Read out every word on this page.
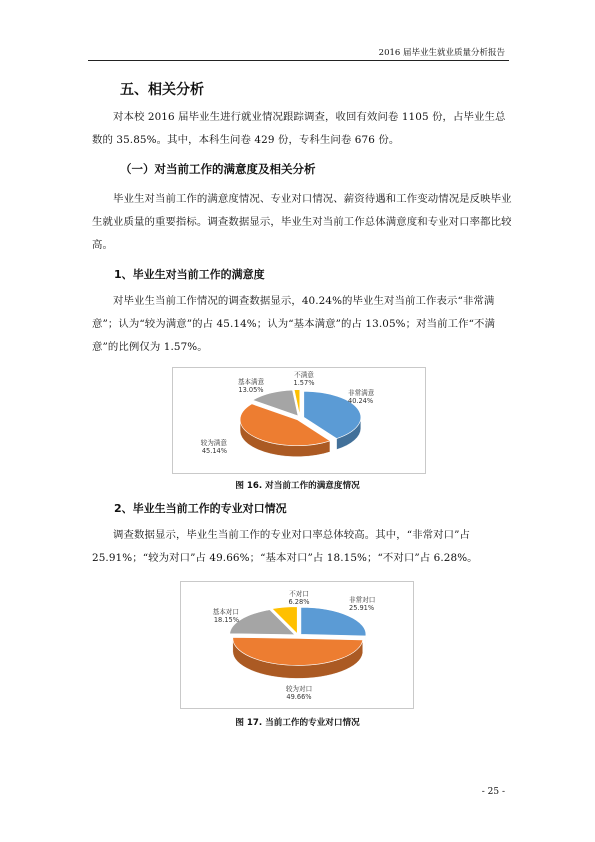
2016 届毕业生就业质量分析报告
五、相关分析
对本校 2016 届毕业生进行就业情况跟踪调查，收回有效问卷 1105 份，占毕业生总数的 35.85%。其中，本科生问卷 429 份，专科生问卷 676 份。
（一）对当前工作的满意度及相关分析
毕业生对当前工作的满意度情况、专业对口情况、薪资待遇和工作变动情况是反映毕业生就业质量的重要指标。调查数据显示，毕业生对当前工作总体满意度和专业对口率都比较高。
1、毕业生对当前工作的满意度
对毕业生当前工作情况的调查数据显示，40.24%的毕业生对当前工作表示“非常满意”；认为“较为满意”的占 45.14%；认为“基本满意”的占 13.05%；对当前工作“不满意”的比例仅为 1.57%。
非常满意
40.24%
较为满意
45.14%
基本满意
13.05%
不满意
1.57%
图 16. 对当前工作的满意度情况
2、毕业生当前工作的专业对口情况
调查数据显示，毕业生当前工作的专业对口率总体较高。其中，“非常对口”占 25.91%；“较为对口”占 49.66%；“基本对口”占 18.15%；“不对口”占 6.28%。
非常对口
25.91%
较为对口
49.66%
基本对口
18.15%
不对口
6.28%
图 17. 当前工作的专业对口情况
- 25 -
